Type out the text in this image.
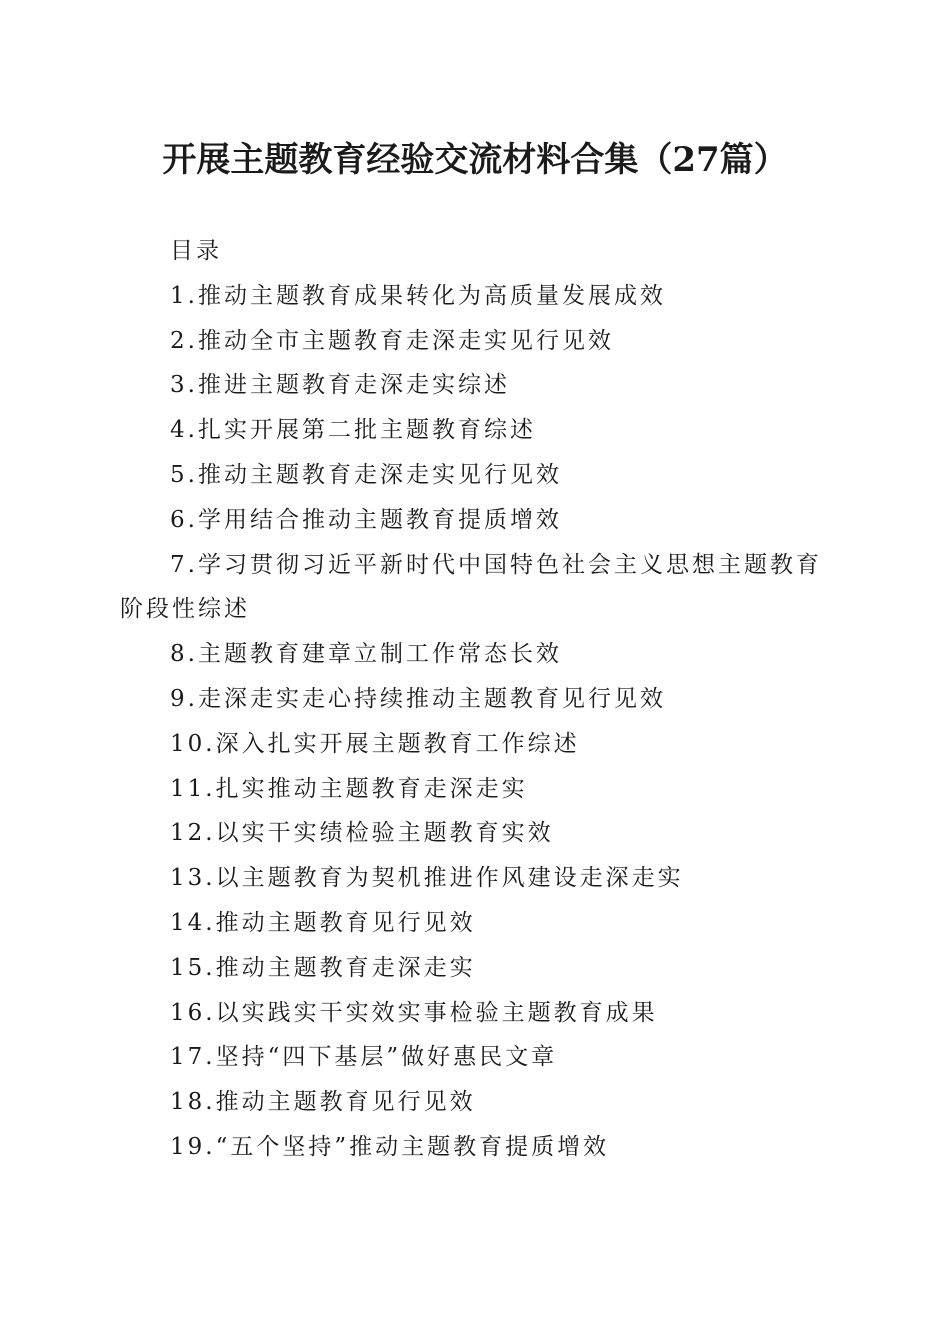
开展主题教育经验交流材料合集（27篇）

目录

1.推动主题教育成果转化为高质量发展成效

2.推动全市主题教育走深走实见行见效

3.推进主题教育走深走实综述

4.扎实开展第二批主题教育综述

5.推动主题教育走深走实见行见效

6.学用结合推动主题教育提质增效

7.学习贯彻习近平新时代中国特色社会主义思想主题教育阶段性综述

8.主题教育建章立制工作常态长效

9.走深走实走心持续推动主题教育见行见效

10.深入扎实开展主题教育工作综述

11.扎实推动主题教育走深走实

12.以实干实绩检验主题教育实效

13.以主题教育为契机推进作风建设走深走实

14.推动主题教育见行见效

15.推动主题教育走深走实

16.以实践实干实效实事检验主题教育成果

17.坚持“四下基层”做好惠民文章

18.推动主题教育见行见效

19.“五个坚持”推动主题教育提质增效
